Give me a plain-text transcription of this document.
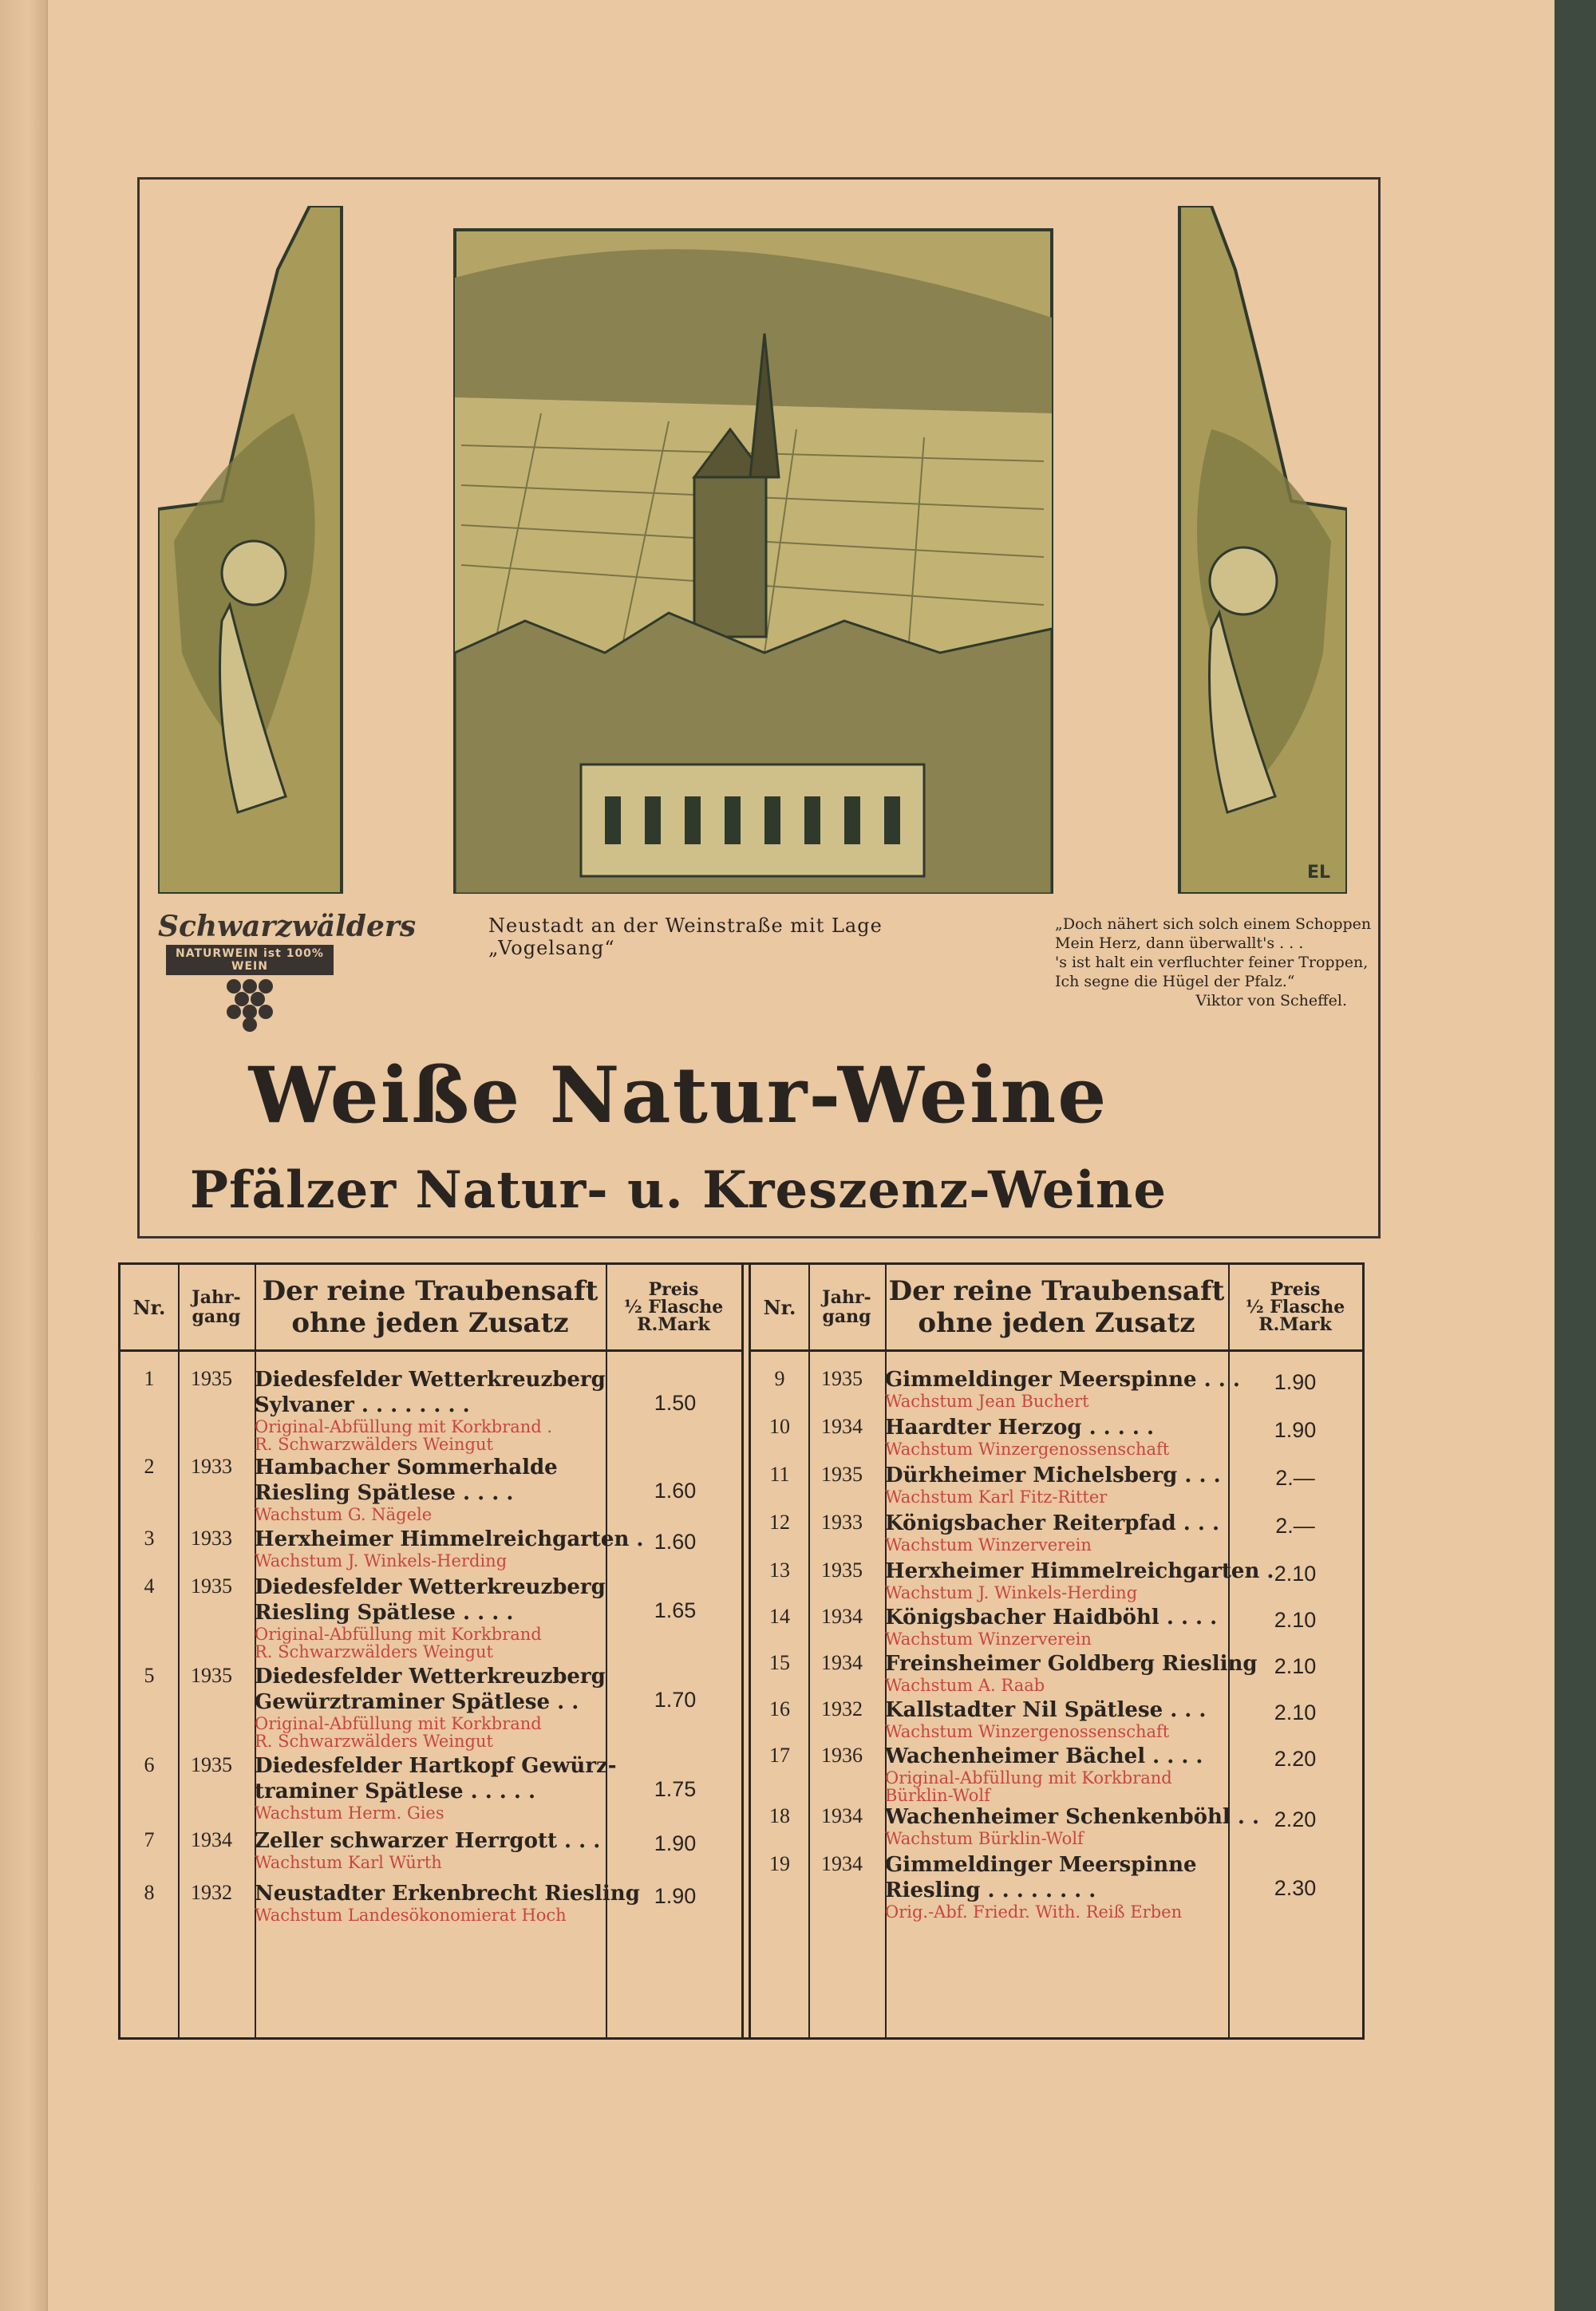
EL
Schwarzwälders
NATURWEIN ist 100% WEIN
Neustadt an der Weinstraße mit Lage „Vogelsang“
„Doch nähert sich solch einem Schoppen
Mein Herz, dann überwallt's . . .
's ist halt ein verfluchter feiner Troppen,
Ich segne die Hügel der Pfalz.“
Viktor von Scheffel.
Weiße Natur-Weine
Pfälzer Natur- u. Kreszenz-Weine
Nr.	Jahr-gang
Der reine Traubensaft
ohne jeden Zusatz
Preis
½ Flasche
R.Mark
1	1935	Diedesfelder Wetterkreuzberg
Sylvaner . . . . . . . .
Original-Abfüllung mit Korkbrand .
R. Schwarzwälders Weingut
1.50
2	1933	Hambacher Sommerhalde
Riesling Spätlese . . . .
Wachstum G. Nägele
1.60
3	1933	Herxheimer Himmelreichgarten .
Wachstum J. Winkels-Herding
1.60
4	1935	Diedesfelder Wetterkreuzberg
Riesling Spätlese . . . .
Original-Abfüllung mit Korkbrand
R. Schwarzwälders Weingut
1.65
5	1935	Diedesfelder Wetterkreuzberg
Gewürztraminer Spätlese . .
Original-Abfüllung mit Korkbrand
R. Schwarzwälders Weingut
1.70
6	1935	Diedesfelder Hartkopf Gewürz-
traminer Spätlese . . . . .
Wachstum Herm. Gies
1.75
7	1934	Zeller schwarzer Herrgott . . .
Wachstum Karl Würth
1.90
8	1932	Neustadter Erkenbrecht Riesling
Wachstum Landesökonomierat Hoch
1.90
Nr.	Jahr-gang
Der reine Traubensaft
ohne jeden Zusatz
Preis
½ Flasche
R.Mark
9	1935	Gimmeldinger Meerspinne . . .
Wachstum Jean Buchert
1.90
10	1934	Haardter Herzog . . . . .
Wachstum Winzergenossenschaft
1.90
11	1935	Dürkheimer Michelsberg . . .
Wachstum Karl Fitz-Ritter
2.—
12	1933	Königsbacher Reiterpfad . . .
Wachstum Winzerverein
2.—
13	1935	Herxheimer Himmelreichgarten .
Wachstum J. Winkels-Herding
2.10
14	1934	Königsbacher Haidböhl . . . .
Wachstum Winzerverein
2.10
15	1934	Freinsheimer Goldberg Riesling
Wachstum A. Raab
2.10
16	1932	Kallstadter Nil Spätlese . . .
Wachstum Winzergenossenschaft
2.10
17	1936	Wachenheimer Bächel . . . .
Original-Abfüllung mit Korkbrand
Bürklin-Wolf
2.20
18	1934	Wachenheimer Schenkenböhl . .
Wachstum Bürklin-Wolf
2.20
19	1934	Gimmeldinger Meerspinne
Riesling . . . . . . . .
Orig.-Abf. Friedr. With. Reiß Erben
2.30
